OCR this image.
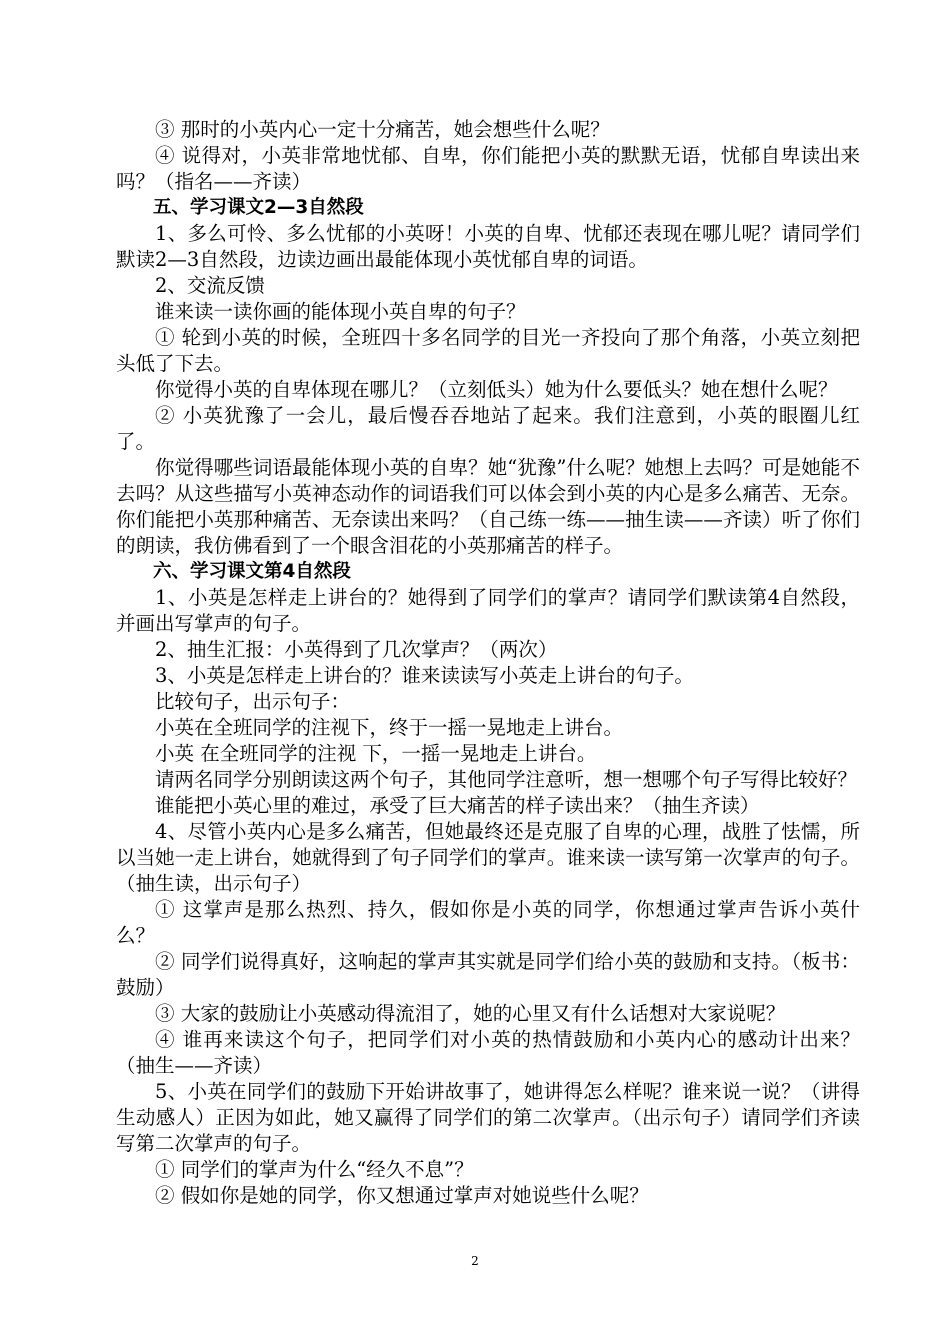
③ 那时的小英内心一定十分痛苦，她会想些什么呢？

④ 说得对，小英非常地忧郁、自卑，你们能把小英的默默无语，忧郁自卑读出来吗？（指名——齐读）

五、学习课文2—3自然段

1、多么可怜、多么忧郁的小英呀！小英的自卑、忧郁还表现在哪儿呢？请同学们默读2—3自然段，边读边画出最能体现小英忧郁自卑的词语。

2、交流反馈

谁来读一读你画的能体现小英自卑的句子？

① 轮到小英的时候，全班四十多名同学的目光一齐投向了那个角落，小英立刻把头低了下去。

你觉得小英的自卑体现在哪儿？（立刻低头）她为什么要低头？她在想什么呢？

② 小英犹豫了一会儿，最后慢吞吞地站了起来。我们注意到，小英的眼圈儿红了。

你觉得哪些词语最能体现小英的自卑？她“犹豫”什么呢？她想上去吗？可是她能不去吗？从这些描写小英神态动作的词语我们可以体会到小英的内心是多么痛苦、无奈。你们能把小英那种痛苦、无奈读出来吗？（自己练一练——抽生读——齐读）听了你们的朗读，我仿佛看到了一个眼含泪花的小英那痛苦的样子。

六、学习课文第4自然段

1、小英是怎样走上讲台的？她得到了同学们的掌声？请同学们默读第4自然段，并画出写掌声的句子。

2、抽生汇报：小英得到了几次掌声？（两次）

3、小英是怎样走上讲台的？谁来读读写小英走上讲台的句子。

比较句子，出示句子：

小英在全班同学的注视下，终于一摇一晃地走上讲台。

小英 在全班同学的注视 下，一摇一晃地走上讲台。

请两名同学分别朗读这两个句子，其他同学注意听，想一想哪个句子写得比较好？

谁能把小英心里的难过，承受了巨大痛苦的样子读出来？（抽生齐读）

4、尽管小英内心是多么痛苦，但她最终还是克服了自卑的心理，战胜了怯懦，所以当她一走上讲台，她就得到了句子同学们的掌声。谁来读一读写第一次掌声的句子。（抽生读，出示句子）

① 这掌声是那么热烈、持久，假如你是小英的同学，你想通过掌声告诉小英什么？

② 同学们说得真好，这响起的掌声其实就是同学们给小英的鼓励和支持。（板书：鼓励）

③ 大家的鼓励让小英感动得流泪了，她的心里又有什么话想对大家说呢？

④ 谁再来读这个句子，把同学们对小英的热情鼓励和小英内心的感动计出来？（抽生——齐读）

5、小英在同学们的鼓励下开始讲故事了，她讲得怎么样呢？谁来说一说？（讲得生动感人）正因为如此，她又赢得了同学们的第二次掌声。（出示句子）请同学们齐读写第二次掌声的句子。

① 同学们的掌声为什么“经久不息”？

② 假如你是她的同学，你又想通过掌声对她说些什么呢？

2
